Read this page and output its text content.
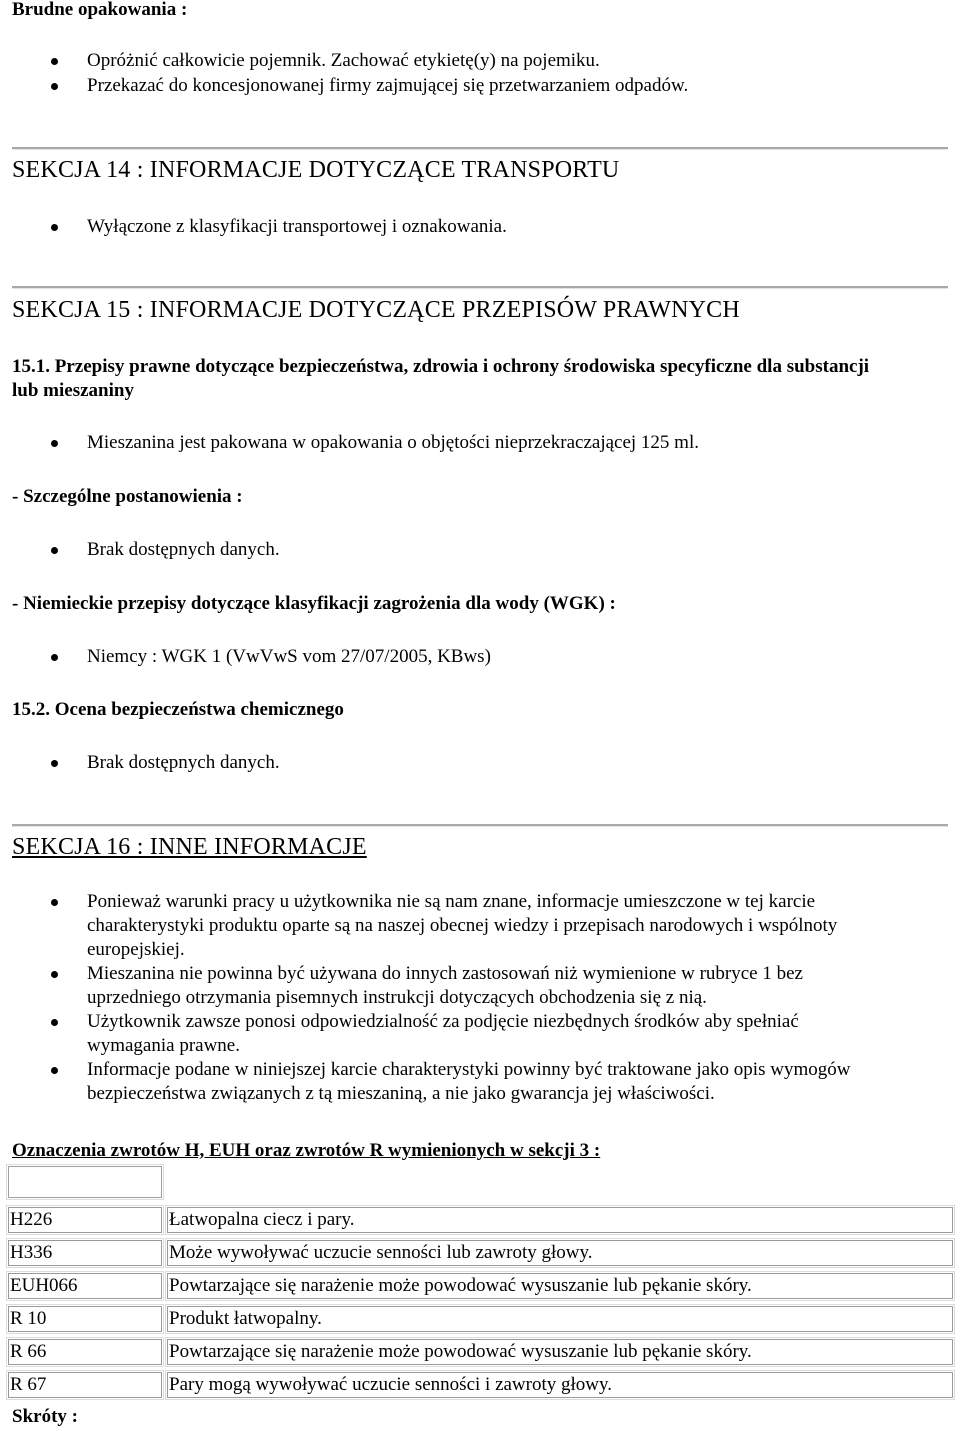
Brudne opakowania :
Opróżnić całkowicie pojemnik. Zachować etykietę(y) na pojemiku.
Przekazać do koncesjonowanej firmy zajmującej się przetwarzaniem odpadów.
SEKCJA 14 : INFORMACJE DOTYCZĄCE TRANSPORTU
Wyłączone z klasyfikacji transportowej i oznakowania.
SEKCJA 15 : INFORMACJE DOTYCZĄCE PRZEPISÓW PRAWNYCH
15.1. Przepisy prawne dotyczące bezpieczeństwa, zdrowia i ochrony środowiska specyficzne dla substancji
lub mieszaniny
Mieszanina jest pakowana w opakowania o objętości nieprzekraczającej 125 ml.
- Szczególne postanowienia :
Brak dostępnych danych.
- Niemieckie przepisy dotyczące klasyfikacji zagrożenia dla wody (WGK) :
Niemcy : WGK 1 (VwVwS vom 27/07/2005, KBws)
15.2. Ocena bezpieczeństwa chemicznego
Brak dostępnych danych.
SEKCJA 16 : INNE INFORMACJE
Ponieważ warunki pracy u użytkownika nie są nam znane, informacje umieszczone w tej karcie
charakterystyki produktu oparte są na naszej obecnej wiedzy i przepisach narodowych i wspólnoty
europejskiej.
Mieszanina nie powinna być używana do innych zastosowań niż wymienione w rubryce 1 bez
uprzedniego otrzymania pisemnych instrukcji dotyczących obchodzenia się z nią.
Użytkownik zawsze ponosi odpowiedzialność za podjęcie niezbędnych środków aby spełniać
wymagania prawne.
Informacje podane w niniejszej karcie charakterystyki powinny być traktowane jako opis wymogów
bezpieczeństwa związanych z tą mieszaniną, a nie jako gwarancja jej właściwości.
Oznaczenia zwrotów H, EUH oraz zwrotów R wymienionych w sekcji 3 :
H226	Łatwopalna ciecz i pary.
H336	Może wywoływać uczucie senności lub zawroty głowy.
EUH066	Powtarzające się narażenie może powodować wysuszanie lub pękanie skóry.
R 10	Produkt łatwopalny.
R 66	Powtarzające się narażenie może powodować wysuszanie lub pękanie skóry.
R 67	Pary mogą wywoływać uczucie senności i zawroty głowy.
Skróty :
